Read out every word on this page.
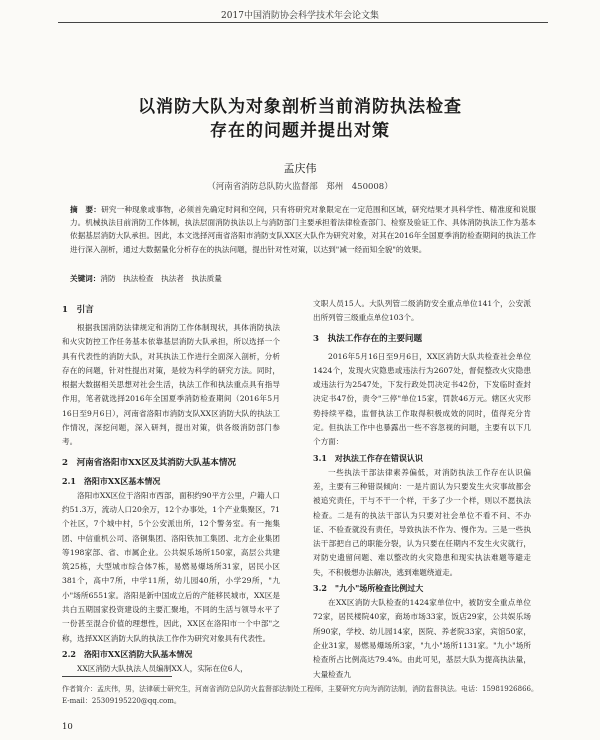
2017中国消防协会科学技术年会论文集
以消防大队为对象剖析当前消防执法检查
存在的问题并提出对策
孟庆伟
（河南省消防总队防火监督部　郑州　450008）
摘　要：研究一种现象或事物，必须首先确定时间和空间，只有将研究对象限定在一定范围和区域，研究结果才具科学性、精准度和说服力。机械执法目前消防工作体制，执法层面消防执法以上与消防部门主要承担着法律检查部门、检察及验证工作、具体消防执法工作为基本依据基层消防大队承担。因此，本文选择河南省洛阳市消防支队XX区大队作为研究对象，对其在2016年全国夏季消防检查期间的执法工作进行深入剖析，通过大数据量化分析存在的执法问题，提出针对性对策，以达到"减一经而知全貌"的效果。
关键词：消防　执法检查　执法者　执法质量
1　引言

根据我国消防法律规定和消防工作体制现状，具体消防执法和火灾防控工作任务基本依靠基层消防大队承担，所以选择一个具有代表性的消防大队，对其执法工作进行全面深入剖析，分析存在的问题，针对性提出对策，是较为科学的研究方法。同时，根据大数据相关思想对社会生活，执法工作和执法重点具有指导作用，笔者就选择2016年全国夏季消防检查期间（2016年5月16日至9月6日），河南省洛阳市消防支队XX区消防大队的执法工作情况，深挖问题，深入研判，提出对策，供各级消防部门参考。

2　河南省洛阳市XX区及其消防大队基本情况
2.1　洛阳市XX区基本情况

洛阳市XX区位于洛阳市西部，面积约90平方公里，户籍人口约51.3万，流动人口20余万，12个办事处，1个产业集聚区，71个社区，7个城中村，5个公安派出所，12个警务室。有一拖集团、中信重机公司、洛铜集团、洛阳铁加工集团、北方企业集团等198家部、省、市属企业。公共娱乐场所150家，高层公共建筑25栋，大型城市综合体7栋，易燃易爆场所31家，居民小区381个，高中7所，中学11所，幼儿园40所，小学29所，"九小"场所6551家。洛阳是新中国成立后的产能移民城市，XX区是共白五期国家投资建设的主要汇聚地，不同的生活与领导水平了一份甚至混合价值的理想性，因此，XX区在洛阳市一个中部"之称，选择XX区消防大队的执法工作作为研究对象具有代表性。

2.2　洛阳市XX区消防大队基本情况

XX区消防大队执法人员编制XX人，实际在位6人，

文职人员15人。大队列管二级消防安全重点单位141个，公安派出所列管三级重点单位103个。

3　执法工作存在的主要问题

2016年5月16日至9月6日，XX区消防大队共检查社会单位1424个，发现火灾隐患或违法行为2607处，督促整改火灾隐患或违法行为2547处，下发行政处罚决定书42份，下发临时查封决定书47份，责令"三停"单位15家，罚款46万元。辖区火灾形势持续平稳，监督执法工作取得积极成效的同时，值得充分肯定。但执法工作中也暴露出一些不容忽视的问题，主要有以下几个方面：

3.1　对执法工作存在错误认识

一些执法干部法律素养偏低，对消防执法工作存在认识偏差，主要有三种错误倾向：一是片面认为只要发生火灾事故都会被追究责任，干与不干一个样，干多了少一个样，则以不愿执法检查。二是有的执法干部认为只要对社会单位不看不问、不办证、不验查就没有责任，导致执法不作为、慢作为。三是一些执法干部把自己的职能分裂，认为只要在任期内不发生火灾就行，对防史遗留问题、难以整改的火灾隐患和现实执法难题等避走失，不积极想办法解决，逃到难题绕道走。

3.2　"九小"场所检查比例过大

在XX区消防大队检查的1424家单位中，被防安全重点单位72家，居民楼院40家，商场市场33家，饭店29家，公共娱乐场所90家，学校、幼儿园14家，医院、养老院33家，宾馆50家，企业31家，易燃易爆场所3家，"九小"场所1131家。"九小"场所检查所占比例高达79.4%。由此可见，基层大队为提高执法量，大量检查九

作者简介：孟庆伟，男，法律硕士研究生，河南省消防总队防火监督部法制处工程师，主要研究方向为消防法制，消防监督执法。电话：15981926866。E-mail：25309195220@qq.com。
10
